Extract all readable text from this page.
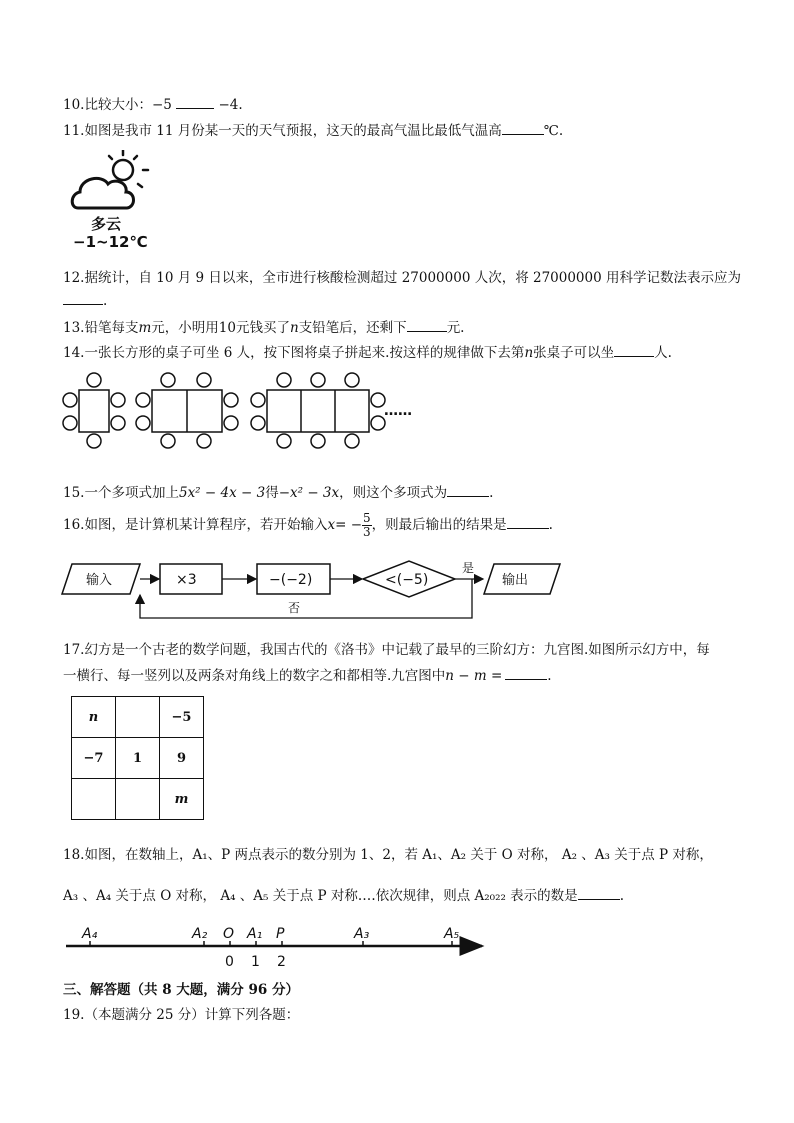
10.比较大小：−5	−4.
11.如图是我市 11 月份某一天的天气预报，这天的最高气温比最低气温高	℃.
多云
−1~12℃
12.据统计，自 10 月 9 日以来，全市进行核酸检测超过 27000000 人次，将 27000000 用科学记数法表示应为
.
13.铅笔每支m元，小明用10元钱买了n支铅笔后，还剩下	元.
14.一张长方形的桌子可坐 6 人，按下图将桌子拼起来.按这样的规律做下去第n张桌子可以坐	人.
……
15.一个多项式加上5x² − 4x − 3得−x² − 3x，则这个多项式为	.
16.如图，是计算机某计算程序，若开始输入$x= - \frac{5}{3}$ ，则最后输出的结果是	.
输入	×3	−(−2)	<(−5)
是
输出
否
17.幻方是一个古老的数学问题，我国古代的《洛书》中记载了最早的三阶幻方：九宫图.如图所示幻方中，每
一横行、每一竖列以及两条对角线上的数字之和都相等.九宫图中n − m =	.
n		−5
−7	1	9
		m
18.如图，在数轴上，A₁、P 两点表示的数分别为 1、2，若 A₁、A₂ 关于 O 对称， A₂ 、A₃ 关于点 P 对称，
A₃ 、A₄ 关于点 O 对称， A₄ 、A₅ 关于点 P 对称.…依次规律，则点 A₂₀₂₂ 表示的数是	.
A₄	A₂ O A₁ P	A₃	A₅
0 1 2
三、解答题（共 8 大题，满分 96 分）
19.（本题满分 25 分）计算下列各题：
